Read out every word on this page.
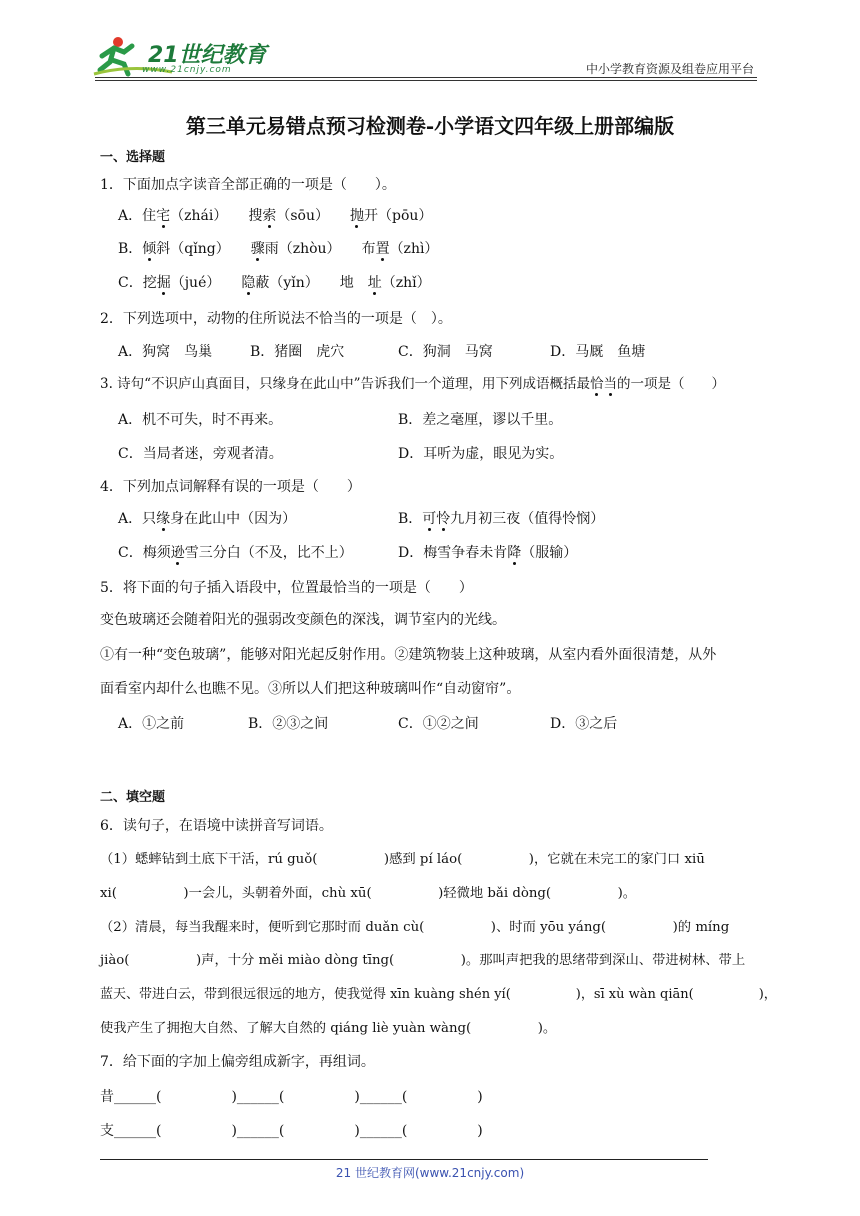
21世纪教育
www.21cnjy.com	中小学教育资源及组卷应用平台
第三单元易错点预习检测卷-小学语文四年级上册部编版
一、选择题
1．下面加点字读音全部正确的一项是（　　）。
A．住宅（zhái）　　搜索（sōu）　　抛开（pōu）
B．倾斜（qǐng）　　骤雨（zhòu）　　布置（zhì）
C．挖掘（jué）　　隐蔽（yǐn）　　地　址（zhǐ）
2．下列选项中，动物的住所说法不恰当的一项是（　）。
A．狗窝　鸟巢	B．猪圈　虎穴	C．狗洞　马窝	D．马厩　鱼塘
3. 诗句“不识庐山真面目，只缘身在此山中”告诉我们一个道理，用下列成语概括最恰当的一项是（　　）
A．机不可失，时不再来。	B．差之毫厘，谬以千里。
C．当局者迷，旁观者清。	D．耳听为虚，眼见为实。
4．下列加点词解释有误的一项是（　　）
A．只缘身在此山中（因为）	B．可怜九月初三夜（值得怜悯）
C．梅须逊雪三分白（不及，比不上）	D．梅雪争春未肯降（服输）
5．将下面的句子插入语段中，位置最恰当的一项是（　　）
变色玻璃还会随着阳光的强弱改变颜色的深浅，调节室内的光线。
①有一种“变色玻璃”，能够对阳光起反射作用。②建筑物装上这种玻璃，从室内看外面很清楚，从外
面看室内却什么也瞧不见。③所以人们把这种玻璃叫作“自动窗帘”。
A．①之前	B．②③之间	C．①②之间	D．③之后
二、填空题
6．读句子，在语境中读拼音写词语。
（1）蟋蟀钻到土底下干活，rú guǒ(　　　　　)感到 pí láo(　　　　　)，它就在未完工的家门口 xiū
xi(　　　　　)一会儿，头朝着外面，chù xū(　　　　　)轻微地 bǎi dòng(　　　　　)。
（2）清晨，每当我醒来时，便听到它那时而 duǎn cù(　　　　　)、时而 yōu yáng(　　　　　)的 míng
jiào(　　　　　)声，十分 měi miào dòng tīng(　　　　　)。那叫声把我的思绪带到深山、带进树林、带上
蓝天、带进白云，带到很远很远的地方，使我觉得 xīn kuàng shén yí(　　　　　)，sī xù wàn qiān(　　　　　)，
使我产生了拥抱大自然、了解大自然的 qiáng liè yuàn wàng(　　　　　)。
7．给下面的字加上偏旁组成新字，再组词。
昔______(　　　　　)______(　　　　　)______(　　　　　)
支______(　　　　　)______(　　　　　)______(　　　　　)
21 世纪教育网(www.21cnjy.com)
